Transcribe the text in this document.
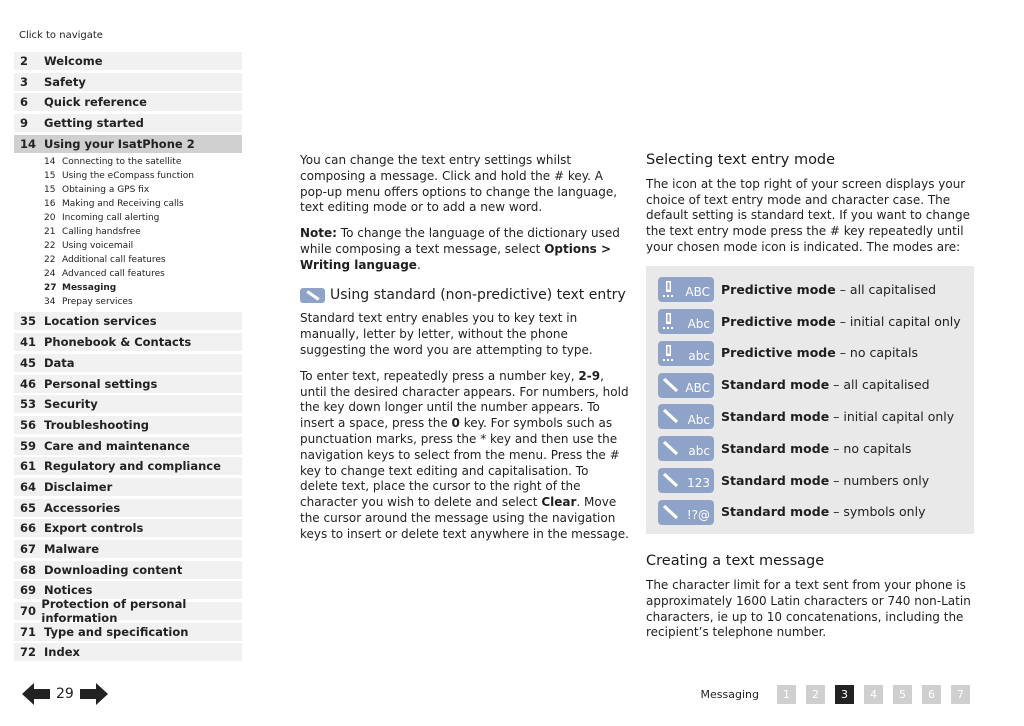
Click to navigate
2	Welcome
3	Safety
6	Quick reference
9	Getting started
14 Using your IsatPhone 2
14 Connecting to the satellite
15 Using the eCompass function
15 Obtaining a GPS fix
16 Making and Receiving calls
20 Incoming call alerting
21 Calling handsfree
22 Using voicemail
22 Additional call features
24 Advanced call features
27 Messaging
34 Prepay services
35 Location services
41 Phonebook & Contacts
45 Data
46 Personal settings
53 Security
56 Troubleshooting
59 Care and maintenance
61 Regulatory and compliance
64 Disclaimer
65 Accessories
66 Export controls
67 Malware
68 Downloading content
69 Notices
70 Protection of personal information
71 Type and specification
72 Index
29

You can change the text entry settings whilst composing a message. Click and hold the # key. A pop-up menu offers options to change the language, text editing mode or to add a new word.

Note: To change the language of the dictionary used while composing a text message, select Options > Writing language.

Using standard (non-predictive) text entry

Standard text entry enables you to key text in manually, letter by letter, without the phone suggesting the word you are attempting to type.

To enter text, repeatedly press a number key, 2-9, until the desired character appears. For numbers, hold the key down longer until the number appears. To insert a space, press the 0 key. For symbols such as punctuation marks, press the * key and then use the navigation keys to select from the menu. Press the # key to change text editing and capitalisation. To delete text, place the cursor to the right of the character you wish to delete and select Clear. Move the cursor around the message using the navigation keys to insert or delete text anywhere in the message.

Selecting text entry mode

The icon at the top right of your screen displays your choice of text entry mode and character case. The default setting is standard text. If you want to change the text entry mode press the # key repeatedly until your chosen mode icon is indicated. The modes are:

ABC Predictive mode – all capitalised
Abc Predictive mode – initial capital only
abc Predictive mode – no capitals
ABC Standard mode – all capitalised
Abc Standard mode – initial capital only
abc Standard mode – no capitals
123 Standard mode – numbers only
!?@ Standard mode – symbols only
Creating a text message

The character limit for a text sent from your phone is approximately 1600 Latin characters or 740 non-Latin characters, ie up to 10 concatenations, including the recipient’s telephone number.

Messaging	1	2	3	4	5	6	7
